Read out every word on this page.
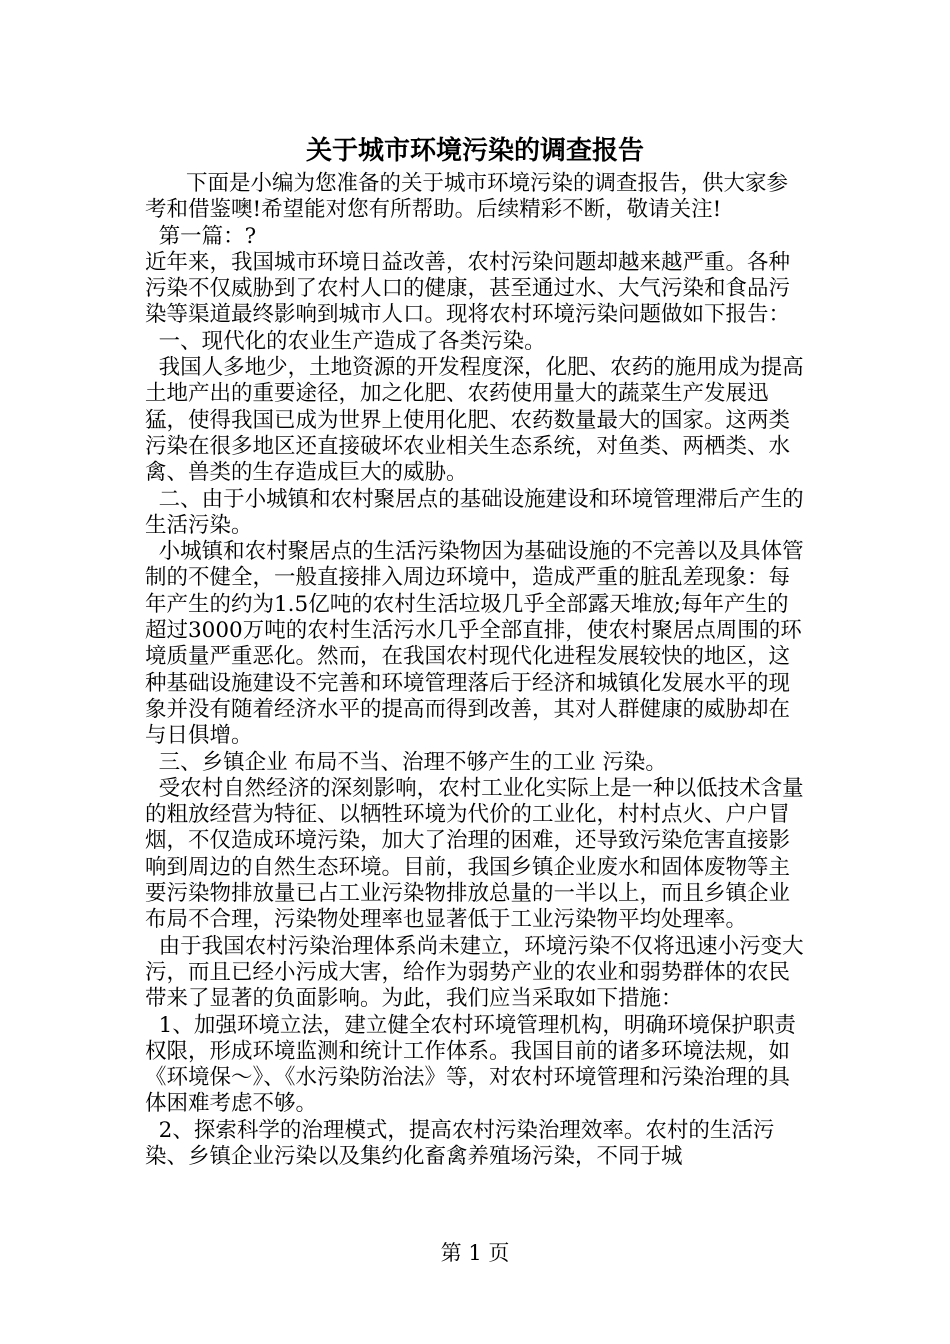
关于城市环境污染的调查报告

下面是小编为您准备的关于城市环境污染的调查报告，供大家参考和借鉴噢!希望能对您有所帮助。后续精彩不断，敬请关注!

第一篇：?

近年来，我国城市环境日益改善，农村污染问题却越来越严重。各种污染不仅威胁到了农村人口的健康，甚至通过水、大气污染和食品污染等渠道最终影响到城市人口。现将农村环境污染问题做如下报告：

一、现代化的农业生产造成了各类污染。

我国人多地少，土地资源的开发程度深，化肥、农药的施用成为提高土地产出的重要途径，加之化肥、农药使用量大的蔬菜生产发展迅猛，使得我国已成为世界上使用化肥、农药数量最大的国家。这两类污染在很多地区还直接破坏农业相关生态系统，对鱼类、两栖类、水禽、兽类的生存造成巨大的威胁。

二、由于小城镇和农村聚居点的基础设施建设和环境管理滞后产生的生活污染。

小城镇和农村聚居点的生活污染物因为基础设施的不完善以及具体管制的不健全，一般直接排入周边环境中，造成严重的脏乱差现象：每年产生的约为1.5亿吨的农村生活垃圾几乎全部露天堆放;每年产生的超过3000万吨的农村生活污水几乎全部直排，使农村聚居点周围的环境质量严重恶化。然而，在我国农村现代化进程发展较快的地区，这种基础设施建设不完善和环境管理落后于经济和城镇化发展水平的现象并没有随着经济水平的提高而得到改善，其对人群健康的威胁却在与日俱增。

三、乡镇企业 布局不当、治理不够产生的工业 污染。

受农村自然经济的深刻影响，农村工业化实际上是一种以低技术含量的粗放经营为特征、以牺牲环境为代价的工业化，村村点火、户户冒烟，不仅造成环境污染，加大了治理的困难，还导致污染危害直接影响到周边的自然生态环境。目前，我国乡镇企业废水和固体废物等主要污染物排放量已占工业污染物排放总量的一半以上，而且乡镇企业布局不合理，污染物处理率也显著低于工业污染物平均处理率。

由于我国农村污染治理体系尚未建立，环境污染不仅将迅速小污变大污，而且已经小污成大害，给作为弱势产业的农业和弱势群体的农民带来了显著的负面影响。为此，我们应当采取如下措施：

1、加强环境立法，建立健全农村环境管理机构，明确环境保护职责权限，形成环境监测和统计工作体系。我国目前的诸多环境法规，如《环境保～》、《水污染防治法》等，对农村环境管理和污染治理的具体困难考虑不够。

2、探索科学的治理模式，提高农村污染治理效率。农村的生活污染、乡镇企业污染以及集约化畜禽养殖场污染，不同于城

第 1 页
